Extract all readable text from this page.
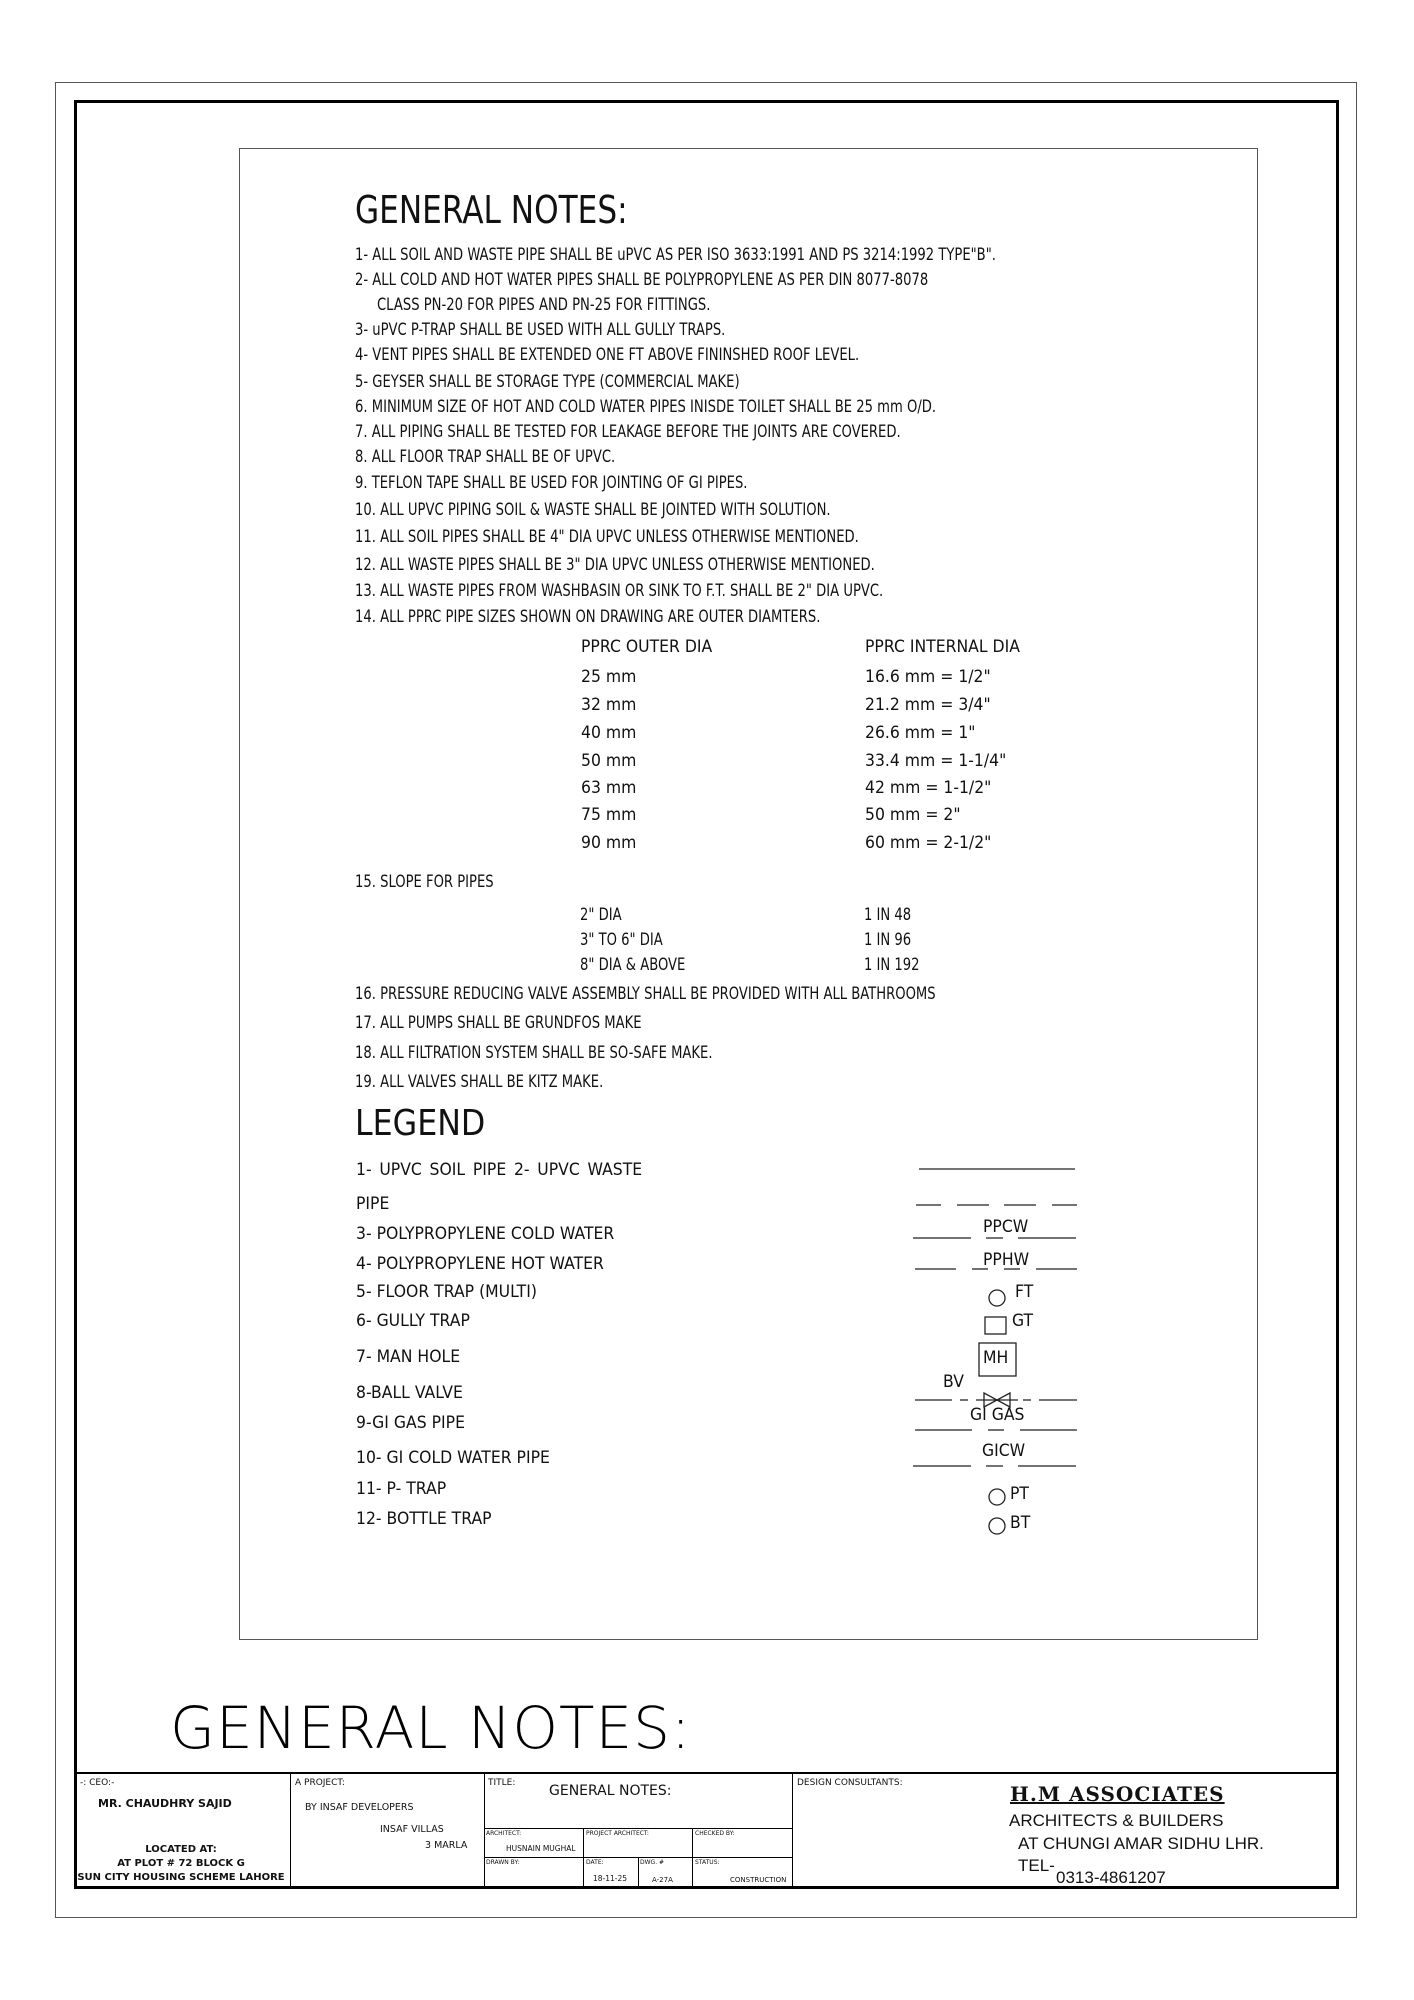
GENERAL NOTES:
1- ALL SOIL AND WASTE PIPE SHALL BE uPVC AS PER ISO 3633:1991 AND PS 3214:1992 TYPE"B".
2- ALL COLD AND HOT WATER PIPES SHALL BE POLYPROPYLENE AS PER DIN 8077-8078
CLASS PN-20 FOR PIPES AND PN-25 FOR FITTINGS.
3- uPVC P-TRAP SHALL BE USED WITH ALL GULLY TRAPS.
4- VENT PIPES SHALL BE EXTENDED ONE FT ABOVE FININSHED ROOF LEVEL.
5- GEYSER SHALL BE STORAGE TYPE (COMMERCIAL MAKE)
6. MINIMUM SIZE OF HOT AND COLD WATER PIPES INISDE TOILET SHALL BE 25 mm O/D.
7. ALL PIPING SHALL BE TESTED FOR LEAKAGE BEFORE THE JOINTS ARE COVERED.
8. ALL FLOOR TRAP SHALL BE OF UPVC.
9. TEFLON TAPE SHALL BE USED FOR JOINTING OF GI PIPES.
10. ALL UPVC PIPING SOIL & WASTE SHALL BE JOINTED WITH SOLUTION.
11. ALL SOIL PIPES SHALL BE 4" DIA UPVC UNLESS OTHERWISE MENTIONED.
12. ALL WASTE PIPES SHALL BE 3" DIA UPVC UNLESS OTHERWISE MENTIONED.
13. ALL WASTE PIPES FROM WASHBASIN OR SINK TO F.T. SHALL BE 2" DIA UPVC.
14. ALL PPRC PIPE SIZES SHOWN ON DRAWING ARE OUTER DIAMTERS.
PPRC OUTER DIA	PPRC INTERNAL DIA
25 mm	16.6 mm = 1/2"
32 mm	21.2 mm = 3/4"
40 mm	26.6 mm = 1"
50 mm	33.4 mm = 1-1/4"
63 mm	42 mm = 1-1/2"
75 mm	50 mm = 2"
90 mm	60 mm = 2-1/2"
15. SLOPE FOR PIPES
2" DIA	1 IN 48
3" TO 6" DIA	1 IN 96
8" DIA & ABOVE	1 IN 192
16. PRESSURE REDUCING VALVE ASSEMBLY SHALL BE PROVIDED WITH ALL BATHROOMS
17. ALL PUMPS SHALL BE GRUNDFOS MAKE
18. ALL FILTRATION SYSTEM SHALL BE SO-SAFE MAKE.
19. ALL VALVES SHALL BE KITZ MAKE.
LEGEND
1- UPVC SOIL PIPE 2- UPVC WASTE
PIPE
3- POLYPROPYLENE COLD WATER
4- POLYPROPYLENE HOT WATER
5- FLOOR TRAP (MULTI)
6- GULLY TRAP
7- MAN HOLE
8-BALL VALVE
9-GI GAS PIPE
10- GI COLD WATER PIPE
11- P- TRAP
12- BOTTLE TRAP
PPCW
PPHW
FT
GT
MH
BV
GI GAS
GICW
PT
BT
GENERAL NOTES:
-: CEO:-
MR. CHAUDHRY SAJID
LOCATED AT:
AT PLOT # 72 BLOCK G
SUN CITY HOUSING SCHEME LAHORE
A PROJECT:
BY INSAF DEVELOPERS
INSAF VILLAS
3 MARLA
TITLE: GENERAL NOTES:
ARCHITECT:
HUSNAIN MUGHAL
PROJECT ARCHITECT:	CHECKED BY:
DRAWN BY:	DATE:
18-11-25
DWG. #
A-27A
STATUS:
CONSTRUCTION
DESIGN CONSULTANTS:	H.M ASSOCIATES
ARCHITECTS & BUILDERS
AT CHUNGI AMAR SIDHU LHR.
TEL-
0313-4861207
